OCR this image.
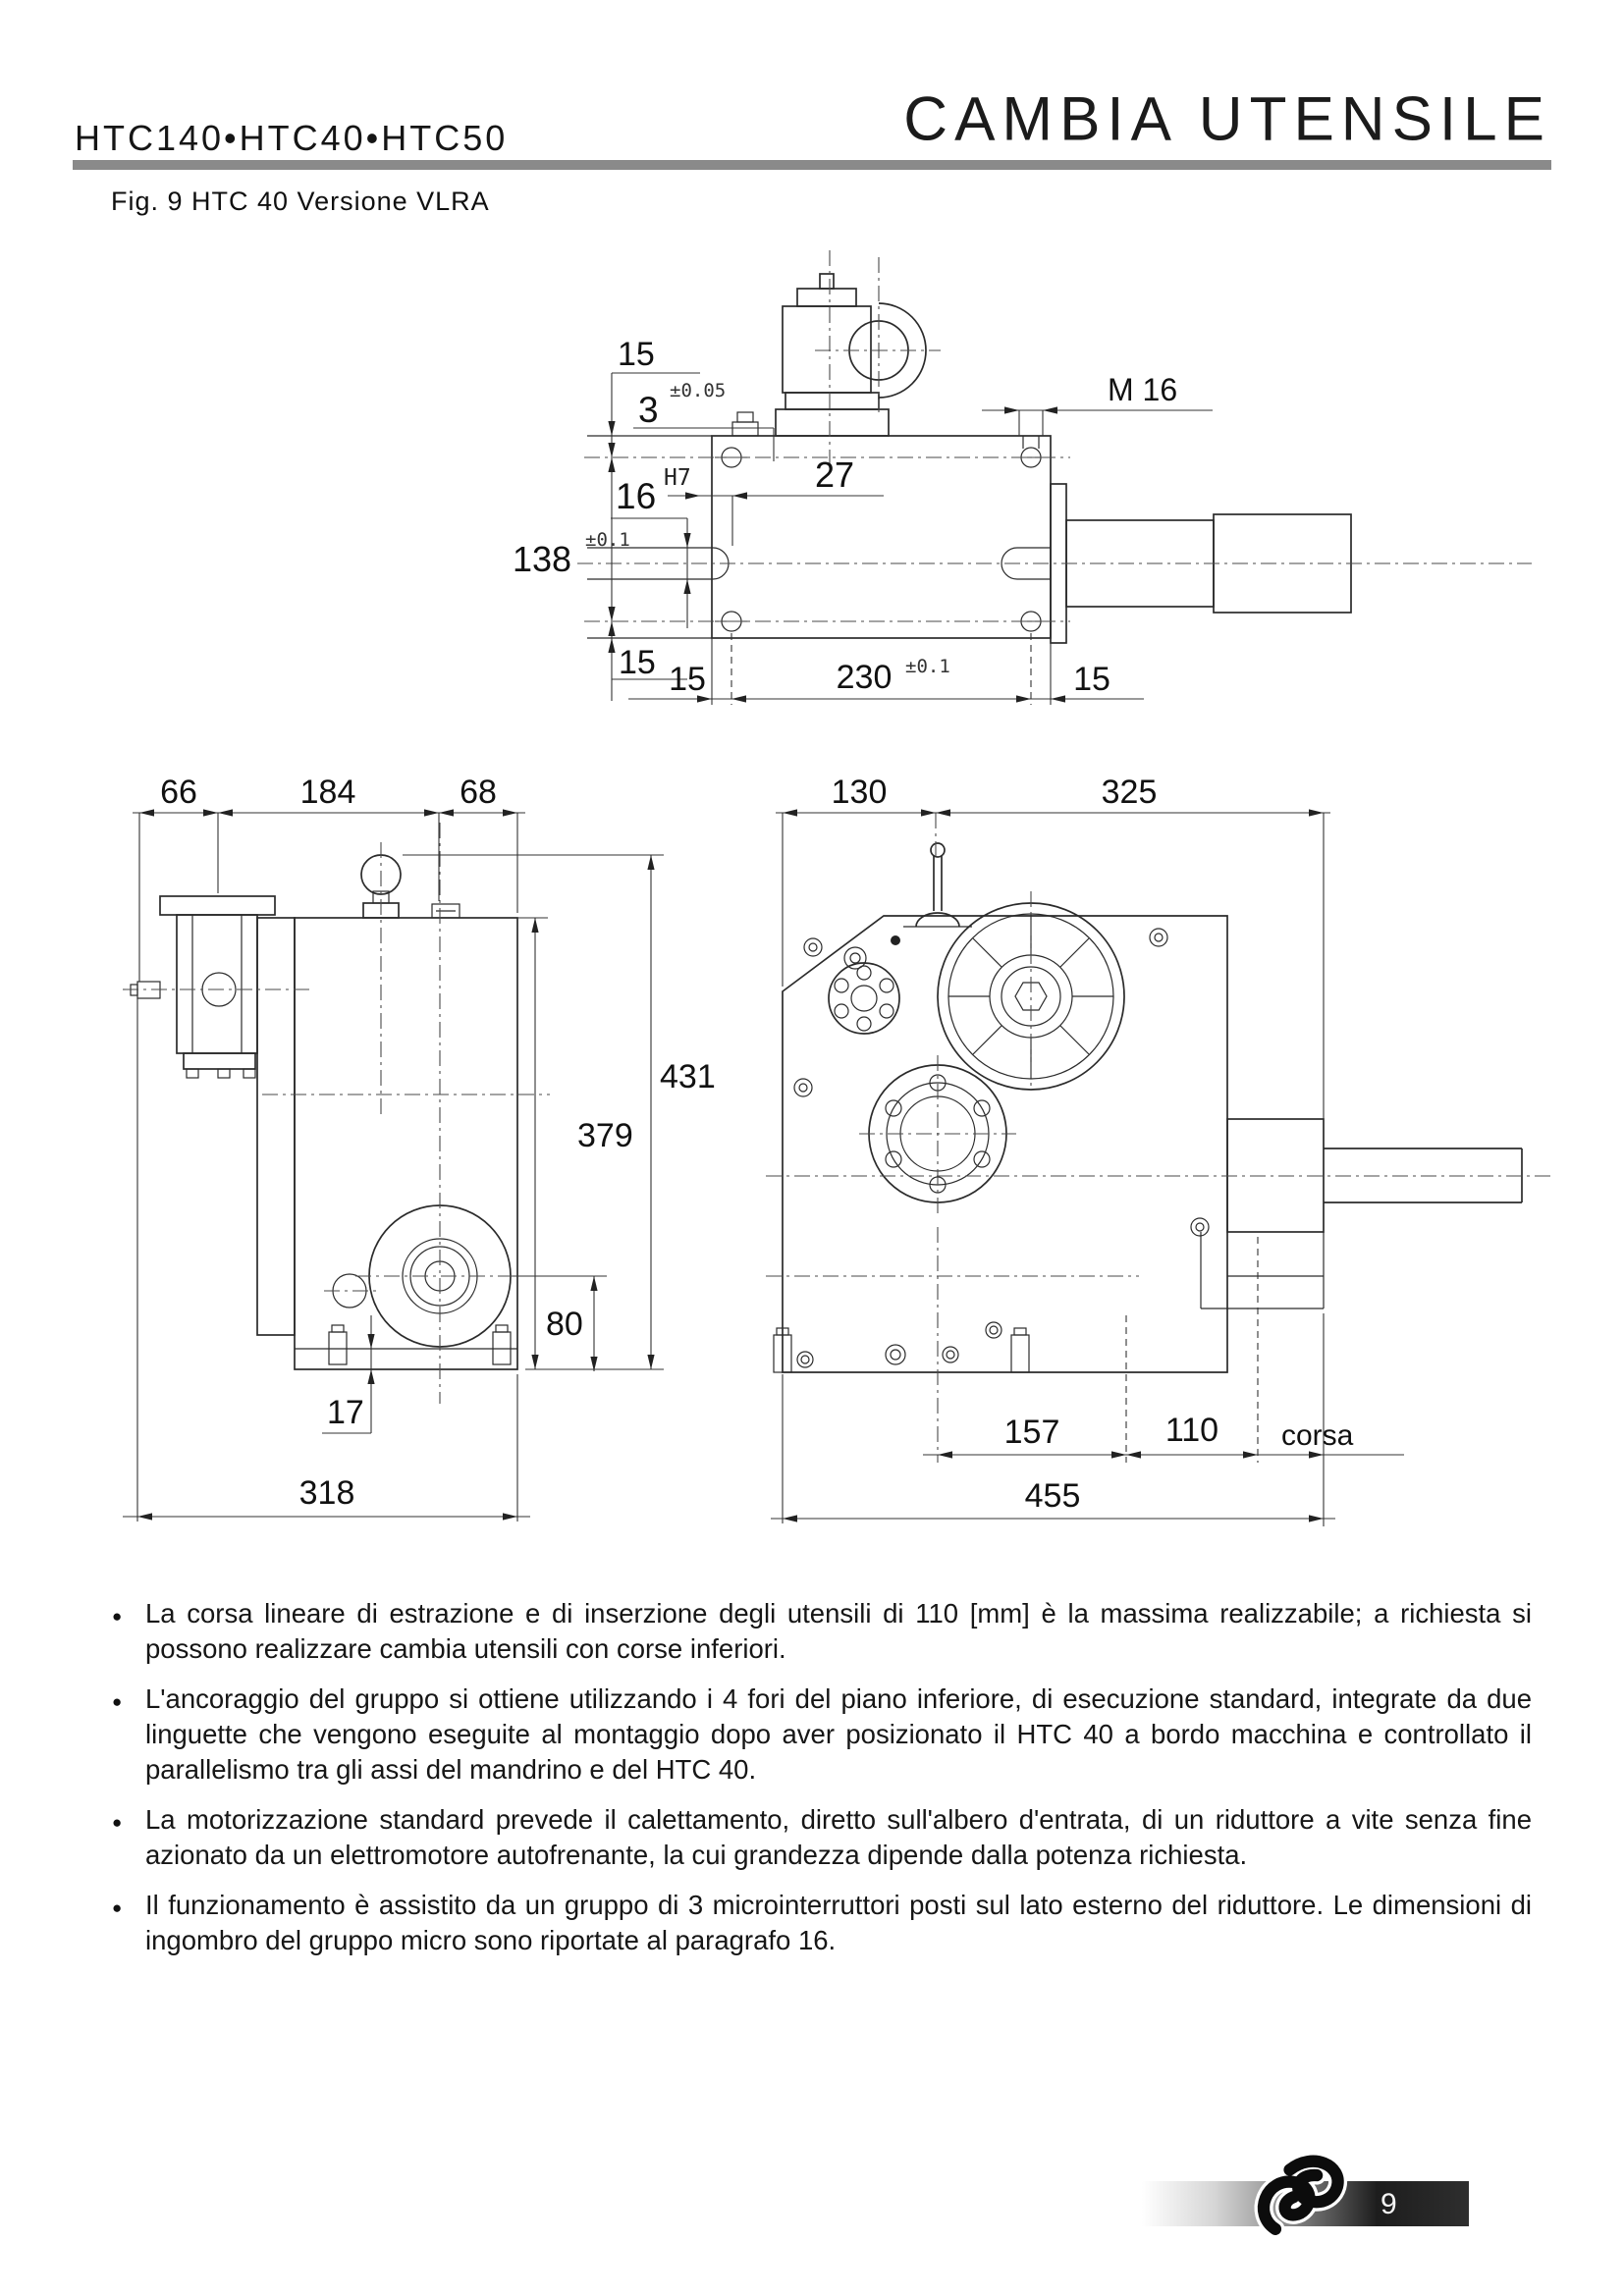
HTC140•HTC40•HTC50	CAMBIA UTENSILE
Fig. 9 HTC 40 Versione VLRA
15
3 ±0.05	M 16
16 H7	27
138 ±0.1
15 15	230 ±0.1	15
66	184	68
431
379
80
17
318
130	325
157	110 corsa
455
● La corsa lineare di estrazione e di inserzione degli utensili di 110 [mm] è la massima realizzabile; a richiesta si possono realizzare cambia utensili con corse inferiori.
● L'ancoraggio del gruppo si ottiene utilizzando i 4 fori del piano inferiore, di esecuzione standard, integrate da due linguette che vengono eseguite al montaggio dopo aver posizionato il HTC 40 a bordo macchina e controllato il parallelismo tra gli assi del mandrino e del HTC 40.
● La motorizzazione standard prevede il calettamento, diretto sull'albero d'entrata, di un riduttore a vite senza fine azionato da un elettromotore autofrenante, la cui grandezza dipende dalla potenza richiesta.
● Il funzionamento è assistito da un gruppo di 3 microinterruttori posti sul lato esterno del riduttore. Le dimensioni di ingombro del gruppo micro sono riportate al paragrafo 16.
9
